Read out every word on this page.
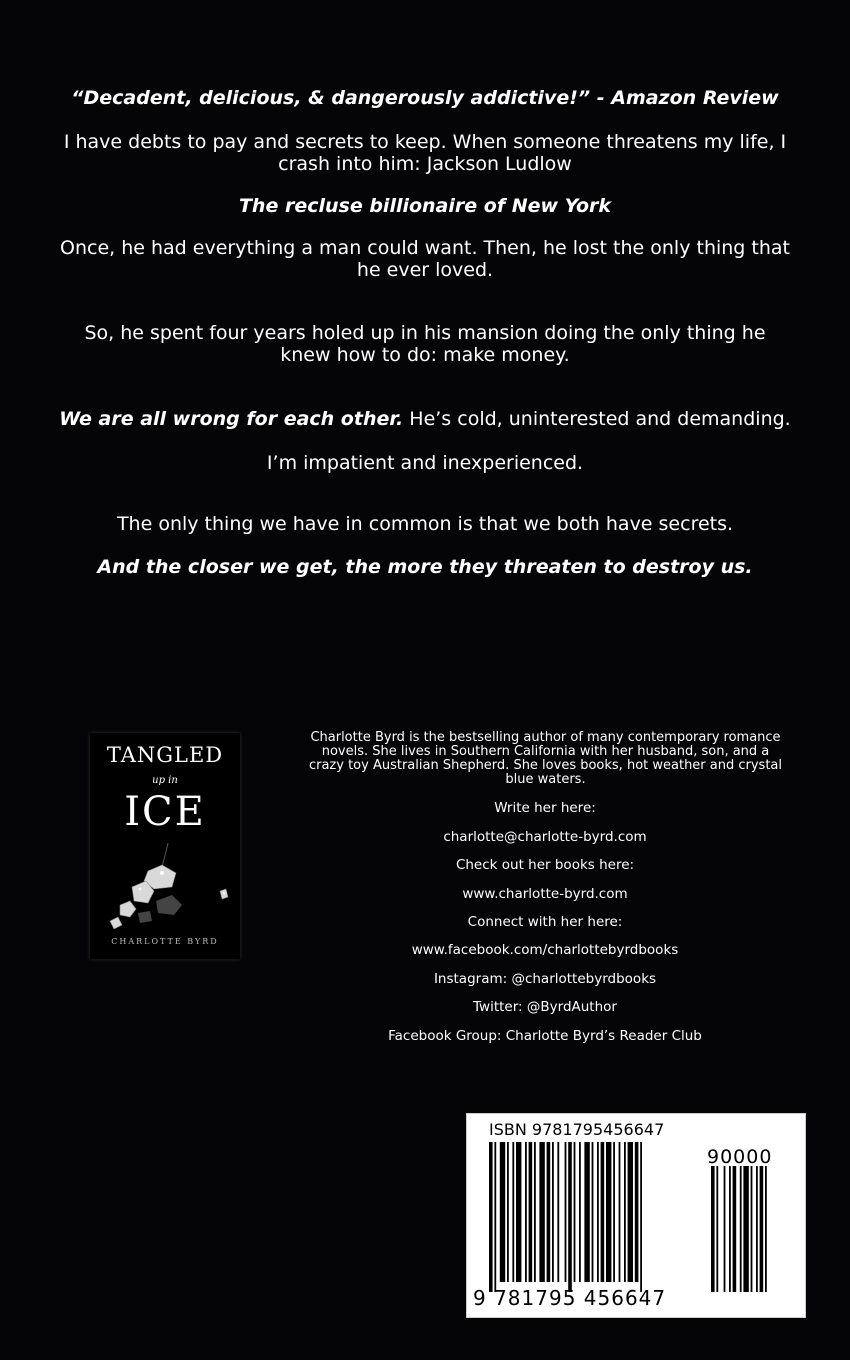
“Decadent, delicious, & dangerously addictive!” - Amazon Review
I have debts to pay and secrets to keep. When someone threatens my life, I crash into him: Jackson Ludlow
The recluse billionaire of New York
Once, he had everything a man could want. Then, he lost the only thing that he ever loved.
So, he spent four years holed up in his mansion doing the only thing he knew how to do: make money.
We are all wrong for each other. He’s cold, uninterested and demanding.
I’m impatient and inexperienced.
The only thing we have in common is that we both have secrets.
And the closer we get, the more they threaten to destroy us.
TANGLED
up in
ICE
CHARLOTTE BYRD
Charlotte Byrd is the bestselling author of many contemporary romance novels. She lives in Southern California with her husband, son, and a crazy toy Australian Shepherd. She loves books, hot weather and crystal blue waters.
Write her here:
charlotte@charlotte-byrd.com
Check out her books here:
www.charlotte-byrd.com
Connect with her here:
www.facebook.com/charlottebyrdbooks
Instagram: @charlottebyrdbooks
Twitter: @ByrdAuthor
Facebook Group: Charlotte Byrd’s Reader Club
ISBN 9781795456647
90000
9 781795 456647
